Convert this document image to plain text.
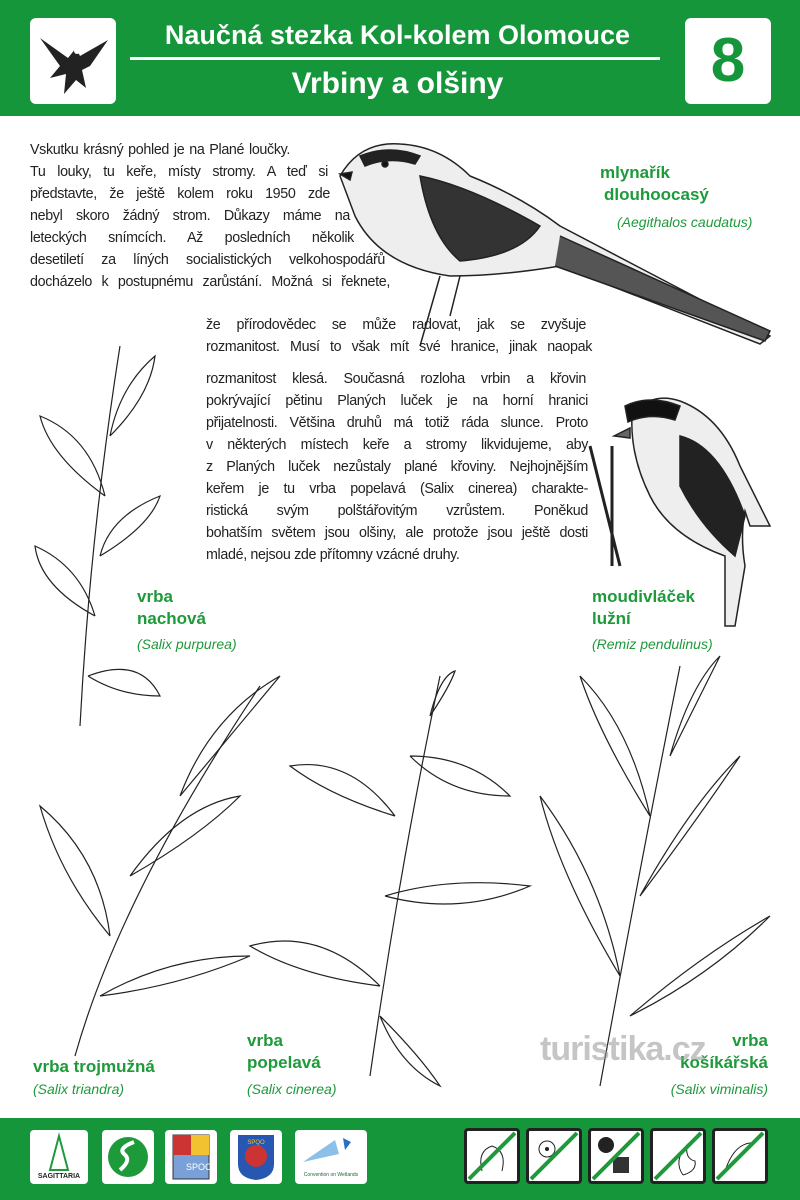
Naučná stezka Kol-kolem Olomouce
Vrbiny a olšiny	8
Vskutku krásný pohled je na Plané loučky.
Tu louky, tu keře, místy stromy. A teď si
představte, že ještě kolem roku 1950 zde
nebyl skoro žádný strom. Důkazy máme na
leteckých snímcích. Až posledních několik
desetiletí za líných socialistických velkohospodářů
docházelo k postupnému zarůstání. Možná si řeknete,
že přírodovědec se může radovat, jak se zvyšuje
rozmanitost. Musí to však mít své hranice, jinak naopak
rozmanitost klesá. Současná rozloha vrbin a křovin
pokrývající pětinu Planých luček je na horní hranici
přijatelnosti. Většina druhů má totiž ráda slunce. Proto
v některých místech keře a stromy likvidujeme, aby
z Planých luček nezůstaly plané křoviny. Nejhojnějším
keřem je tu vrba popelavá (Salix cinerea) charakte-
ristická svým polštářovitým vzrůstem. Poněkud
bohatším světem jsou olšiny, ale protože jsou ještě dosti
mladé, nejsou zde přítomny vzácné druhy.
mlynařík
dlouhoocasý
(Aegithalos caudatus)
vrba
nachová
(Salix purpurea)
moudivláček
lužní
(Remiz pendulinus)
vrba trojmužná
(Salix triandra)
vrba
popelavá
(Salix cinerea)
vrba
košíkářská
(Salix viminalis)
turistika.cz
SAGITTARIA
SPOO
SPQO
Convention on Wetlands
